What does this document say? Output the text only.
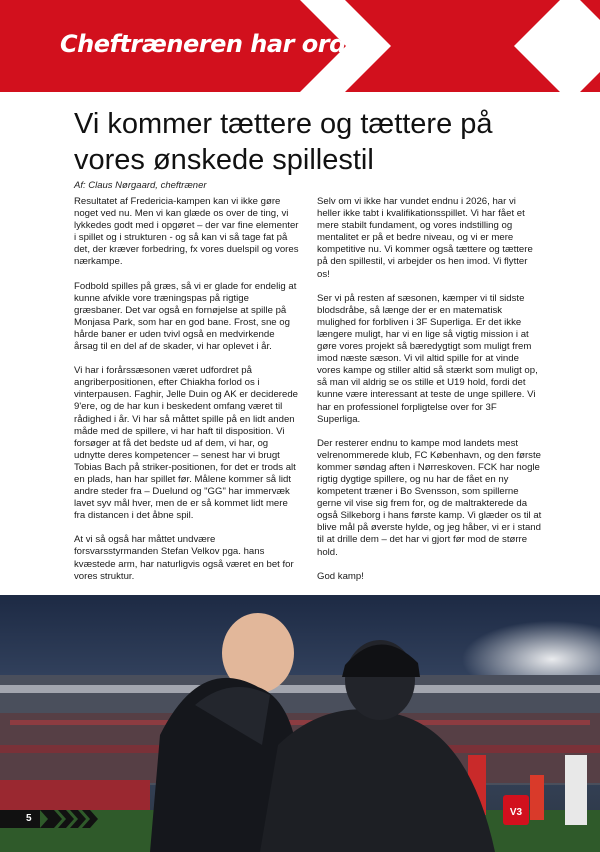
Cheftræneren har ordet
Vi kommer tættere og tættere på vores ønskede spillestil
Af: Claus Nørgaard, cheftræner

Resultatet af Fredericia-kampen kan vi ikke gøre noget ved nu. Men vi kan glæde os over de ting, vi lykkedes godt med i opgøret – der var fine elementer i spillet og i strukturen - og så kan vi så tage fat på det, der kræver forbedring, fx vores duelspil og vores nærkampe.

Fodbold spilles på græs, så vi er glade for endelig at kunne afvikle vore træningspas på rigtige græsbaner. Det var også en fornøjelse at spille på Monjasa Park, som har en god bane. Frost, sne og hårde baner er uden tvivl også en medvirkende årsag til en del af de skader, vi har oplevet i år.

Vi har i forårssæsonen været udfordret på angriberpositionen, efter Chiakha forlod os i vinterpausen. Faghir, Jelle Duin og AK er deciderede 9'ere, og de har kun i beskedent omfang været til rådighed i år. Vi har så måttet spille på en lidt anden måde med de spillere, vi har haft til disposition. Vi forsøger at få det bedste ud af dem, vi har, og udnytte deres kompetencer – senest har vi brugt Tobias Bach på striker-positionen, for det er trods alt en plads, han har spillet før. Målene kommer så lidt andre steder fra – Duelund og "GG" har immervæk lavet syv mål hver, men de er så kommet lidt mere fra distancen i det åbne spil.

At vi så også har måttet undvære forsvarsstyrmanden Stefan Velkov pga. hans kvæstede arm, har naturligvis også været en bet for vores struktur.

Selv om vi ikke har vundet endnu i 2026, har vi heller ikke tabt i kvalifikationsspillet. Vi har fået et mere stabilt fundament, og vores indstilling og mentalitet er på et bedre niveau, og vi er mere kompetitive nu. Vi kommer også tættere og tættere på den spillestil, vi arbejder os hen imod. Vi flytter os!

Ser vi på resten af sæsonen, kæmper vi til sidste blodsdråbe, så længe der er en matematisk mulighed for forbliven i 3F Superliga. Er det ikke længere muligt, har vi en lige så vigtig mission i at gøre vores projekt så bæredygtigt som muligt frem imod næste sæson. Vi vil altid spille for at vinde vores kampe og stiller altid så stærkt som muligt op, så man vil aldrig se os stille et U19 hold, fordi det kunne være interessant at teste de unge spillere. Vi har en professionel forpligtelse over for 3F Superliga.

Der resterer endnu to kampe mod landets mest velrenommerede klub, FC København, og den første kommer søndag aften i Nørreskoven. FCK har nogle rigtig dygtige spillere, og nu har de fået en ny kompetent træner i Bo Svensson, som spillerne gerne vil vise sig frem for, og de maltrakterede da også Silkeborg i hans første kamp. Vi glæder os til at blive mål på øverste hylde, og jeg håber, vi er i stand til at drille dem – det har vi gjort før mod de større hold.

God kamp!

V3
5
